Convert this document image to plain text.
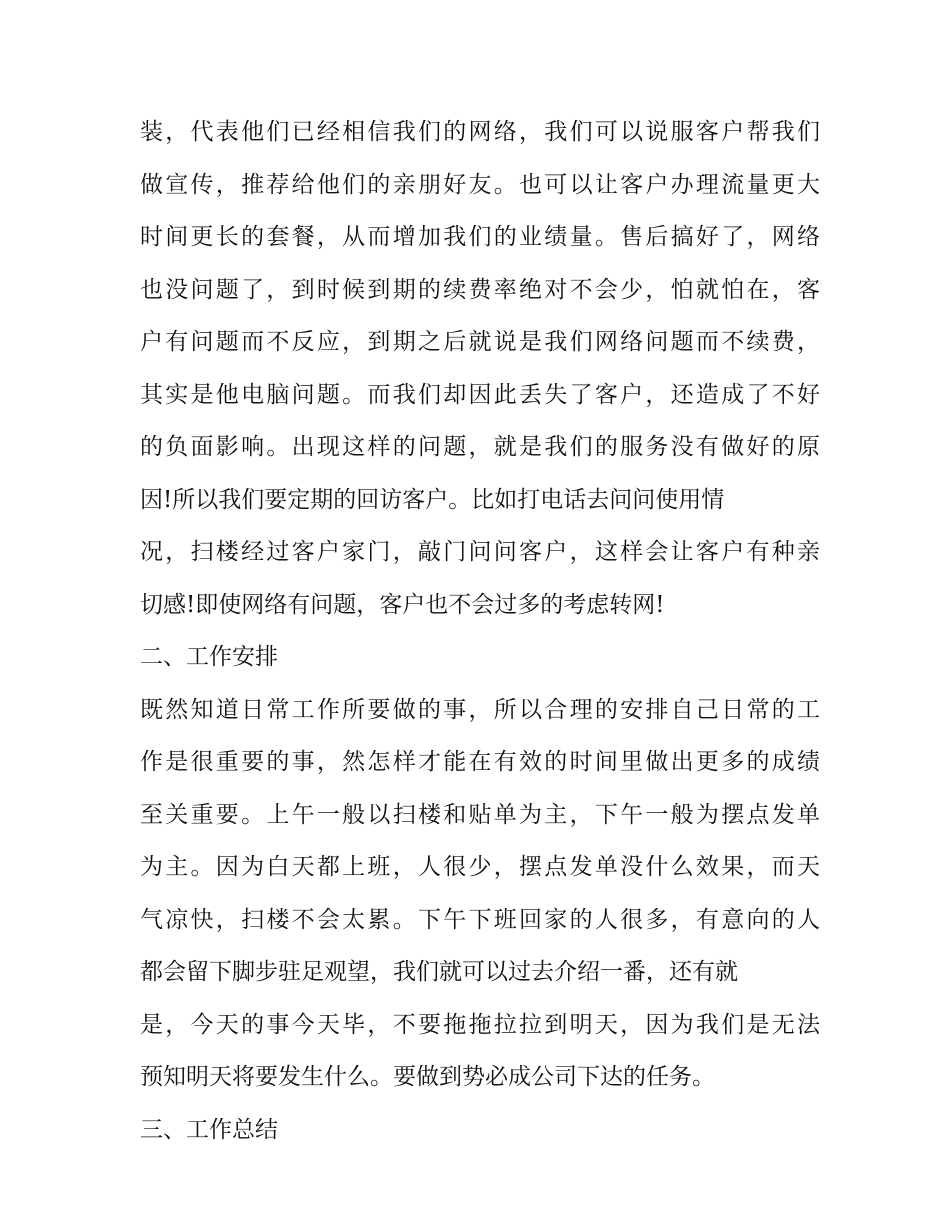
装，代表他们已经相信我们的网络，我们可以说服客户帮我们
做宣传，推荐给他们的亲朋好友。也可以让客户办理流量更大
时间更长的套餐，从而增加我们的业绩量。售后搞好了，网络
也没问题了，到时候到期的续费率绝对不会少，怕就怕在，客
户有问题而不反应，到期之后就说是我们网络问题而不续费，
其实是他电脑问题。而我们却因此丢失了客户，还造成了不好
的负面影响。出现这样的问题，就是我们的服务没有做好的原
因!所以我们要定期的回访客户。比如打电话去问问使用情
况，扫楼经过客户家门，敲门问问客户，这样会让客户有种亲
切感!即使网络有问题，客户也不会过多的考虑转网!
二、工作安排
既然知道日常工作所要做的事，所以合理的安排自己日常的工
作是很重要的事，然怎样才能在有效的时间里做出更多的成绩
至关重要。上午一般以扫楼和贴单为主，下午一般为摆点发单
为主。因为白天都上班，人很少，摆点发单没什么效果，而天
气凉快，扫楼不会太累。下午下班回家的人很多，有意向的人
都会留下脚步驻足观望，我们就可以过去介绍一番，还有就
是，今天的事今天毕，不要拖拖拉拉到明天，因为我们是无法
预知明天将要发生什么。要做到势必成公司下达的任务。
三、工作总结
